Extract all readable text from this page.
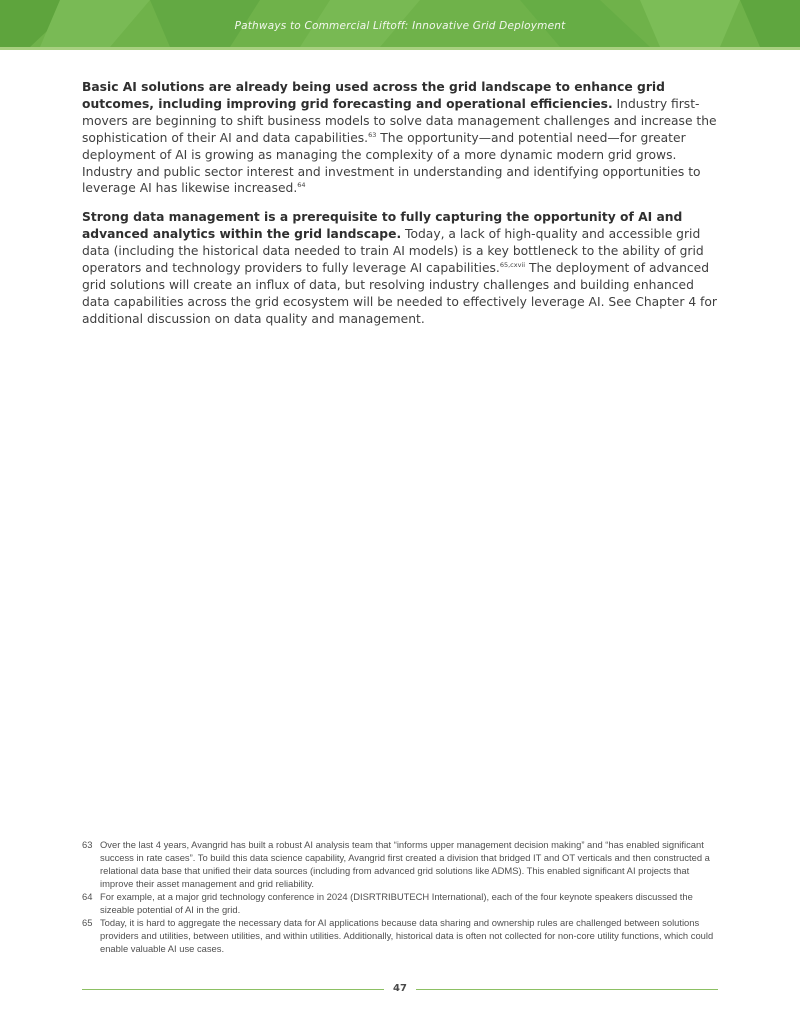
Pathways to Commercial Liftoff: Innovative Grid Deployment

Basic AI solutions are already being used across the grid landscape to enhance grid outcomes, including improving grid forecasting and operational efficiencies. Industry first-movers are beginning to shift business models to solve data management challenges and increase the sophistication of their AI and data capabilities.$^{63}$ The opportunity—and potential need—for greater deployment of AI is growing as managing the complexity of a more dynamic modern grid grows. Industry and public sector interest and investment in understanding and identifying opportunities to leverage AI has likewise increased.$^{64}$

Strong data management is a prerequisite to fully capturing the opportunity of AI and advanced analytics within the grid landscape. Today, a lack of high-quality and accessible grid data (including the historical data needed to train AI models) is a key bottleneck to the ability of grid operators and technology providers to fully leverage AI capabilities.$^{65,cxvii}$ The deployment of advanced grid solutions will create an influx of data, but resolving industry challenges and building enhanced data capabilities across the grid ecosystem will be needed to effectively leverage AI. See Chapter 4 for additional discussion on data quality and management.

63 Over the last 4 years, Avangrid has built a robust AI analysis team that “informs upper management decision making” and “has enabled significant success in rate cases”. To build this data science capability, Avangrid first created a division that bridged IT and OT verticals and then constructed a relational data base that unified their data sources (including from advanced grid solutions like ADMS). This enabled significant AI projects that improve their asset management and grid reliability.

64 For example, at a major grid technology conference in 2024 (DISRTRIBUTECH International), each of the four keynote speakers discussed the sizeable potential of AI in the grid.

65 Today, it is hard to aggregate the necessary data for AI applications because data sharing and ownership rules are challenged between solutions providers and utilities, between utilities, and within utilities. Additionally, historical data is often not collected for non-core utility functions, which could enable valuable AI use cases.

47
